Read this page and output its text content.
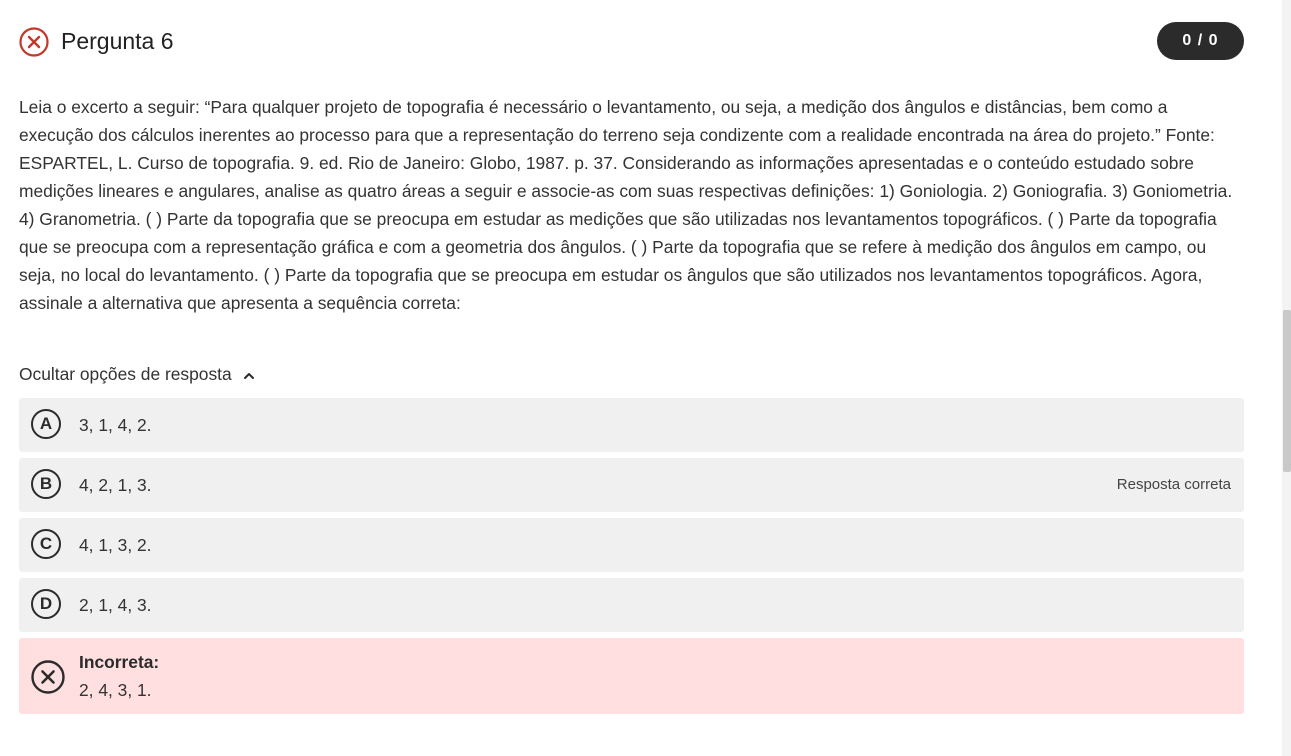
Pergunta 6	0 / 0

Leia o excerto a seguir: “Para qualquer projeto de topografia é necessário o levantamento, ou seja, a medição dos ângulos e distâncias, bem como a execução dos cálculos inerentes ao processo para que a representação do terreno seja condizente com a realidade encontrada na área do projeto.” Fonte: ESPARTEL, L. Curso de topografia. 9. ed. Rio de Janeiro: Globo, 1987. p. 37. Considerando as informações apresentadas e o conteúdo estudado sobre medições lineares e angulares, analise as quatro áreas a seguir e associe-as com suas respectivas definições: 1) Goniologia. 2) Goniografia. 3) Goniometria. 4) Granometria. ( ) Parte da topografia que se preocupa em estudar as medições que são utilizadas nos levantamentos topográficos. ( ) Parte da topografia que se preocupa com a representação gráfica e com a geometria dos ângulos. ( ) Parte da topografia que se refere à medição dos ângulos em campo, ou seja, no local do levantamento. ( ) Parte da topografia que se preocupa em estudar os ângulos que são utilizados nos levantamentos topográficos. Agora, assinale a alternativa que apresenta a sequência correta:

Ocultar opções de resposta
A	3, 1, 4, 2.
B	4, 2, 1, 3.	Resposta correta
C	4, 1, 3, 2.
D	2, 1, 4, 3.
Incorreta:
2, 4, 3, 1.
